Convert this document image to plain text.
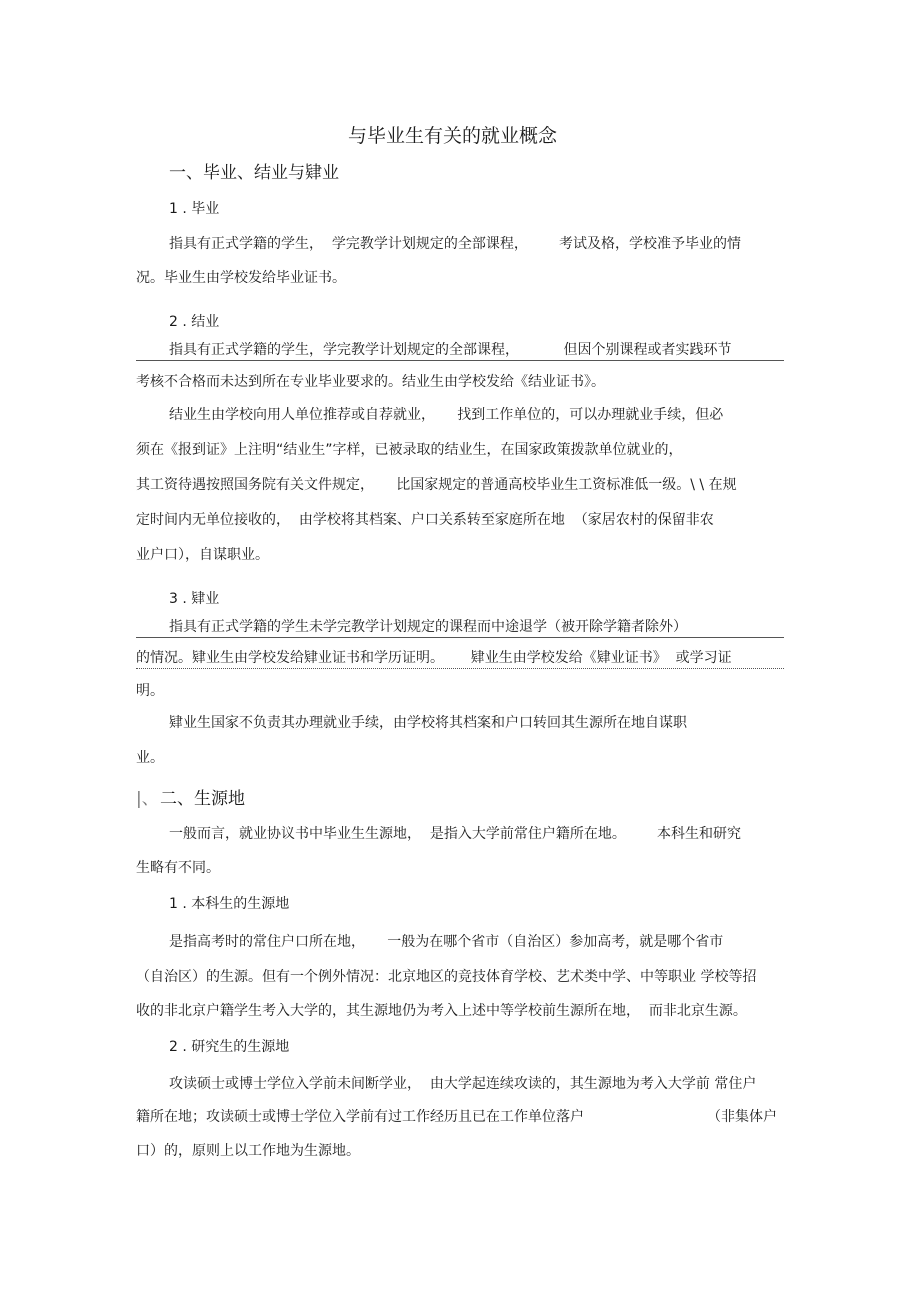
与毕业生有关的就业概念
一、毕业、结业与肄业
1 . 毕业
指具有正式学籍的学生，  学完教学计划规定的全部课程，       考试及格，学校准予毕业的情
况。毕业生由学校发给毕业证书。
2 . 结业
指具有正式学籍的学生，学完教学计划规定的全部课程，          但因个别课程或者实践环节
考核不合格而未达到所在专业毕业要求的。结业生由学校发给《结业证书》。
结业生由学校向用人单位推荐或自荐就业，     找到工作单位的，可以办理就业手续，但必
须在《报到证》上注明“结业生”字样，已被录取的结业生，在国家政策拨款单位就业的，
其工资待遇按照国务院有关文件规定，     比国家规定的普通高校毕业生工资标准低一级。\ \ 在规
定时间内无单位接收的，  由学校将其档案、户口关系转至家庭所在地  （家居农村的保留非农
业户口），自谋职业。
3 . 肄业
指具有正式学籍的学生未学完教学计划规定的课程而中途退学（被开除学籍者除外）
的情况。肄业生由学校发给肄业证书和学历证明。      肄业生由学校发给《肄业证书》  或学习证
明。
肄业生国家不负责其办理就业手续，由学校将其档案和户口转回其生源所在地自谋职
业。
|、 二、生源地
一般而言，就业协议书中毕业生生源地，  是指入大学前常住户籍所在地。       本科生和研究
生略有不同。
1 . 本科生的生源地
是指高考时的常住户口所在地，     一般为在哪个省市（自治区）参加高考，就是哪个省市
（自治区）的生源。但有一个例外情况：北京地区的竞技体育学校、艺术类中学、中等职业 学校等招
收的非北京户籍学生考入大学的，其生源地仍为考入上述中等学校前生源所在地，  而非北京生源。
2 . 研究生的生源地
攻读硕士或博士学位入学前未间断学业，  由大学起连续攻读的，其生源地为考入大学前 常住户
籍所在地；攻读硕士或博士学位入学前有过工作经历且已在工作单位落户	（非集体户
口）的，原则上以工作地为生源地。
